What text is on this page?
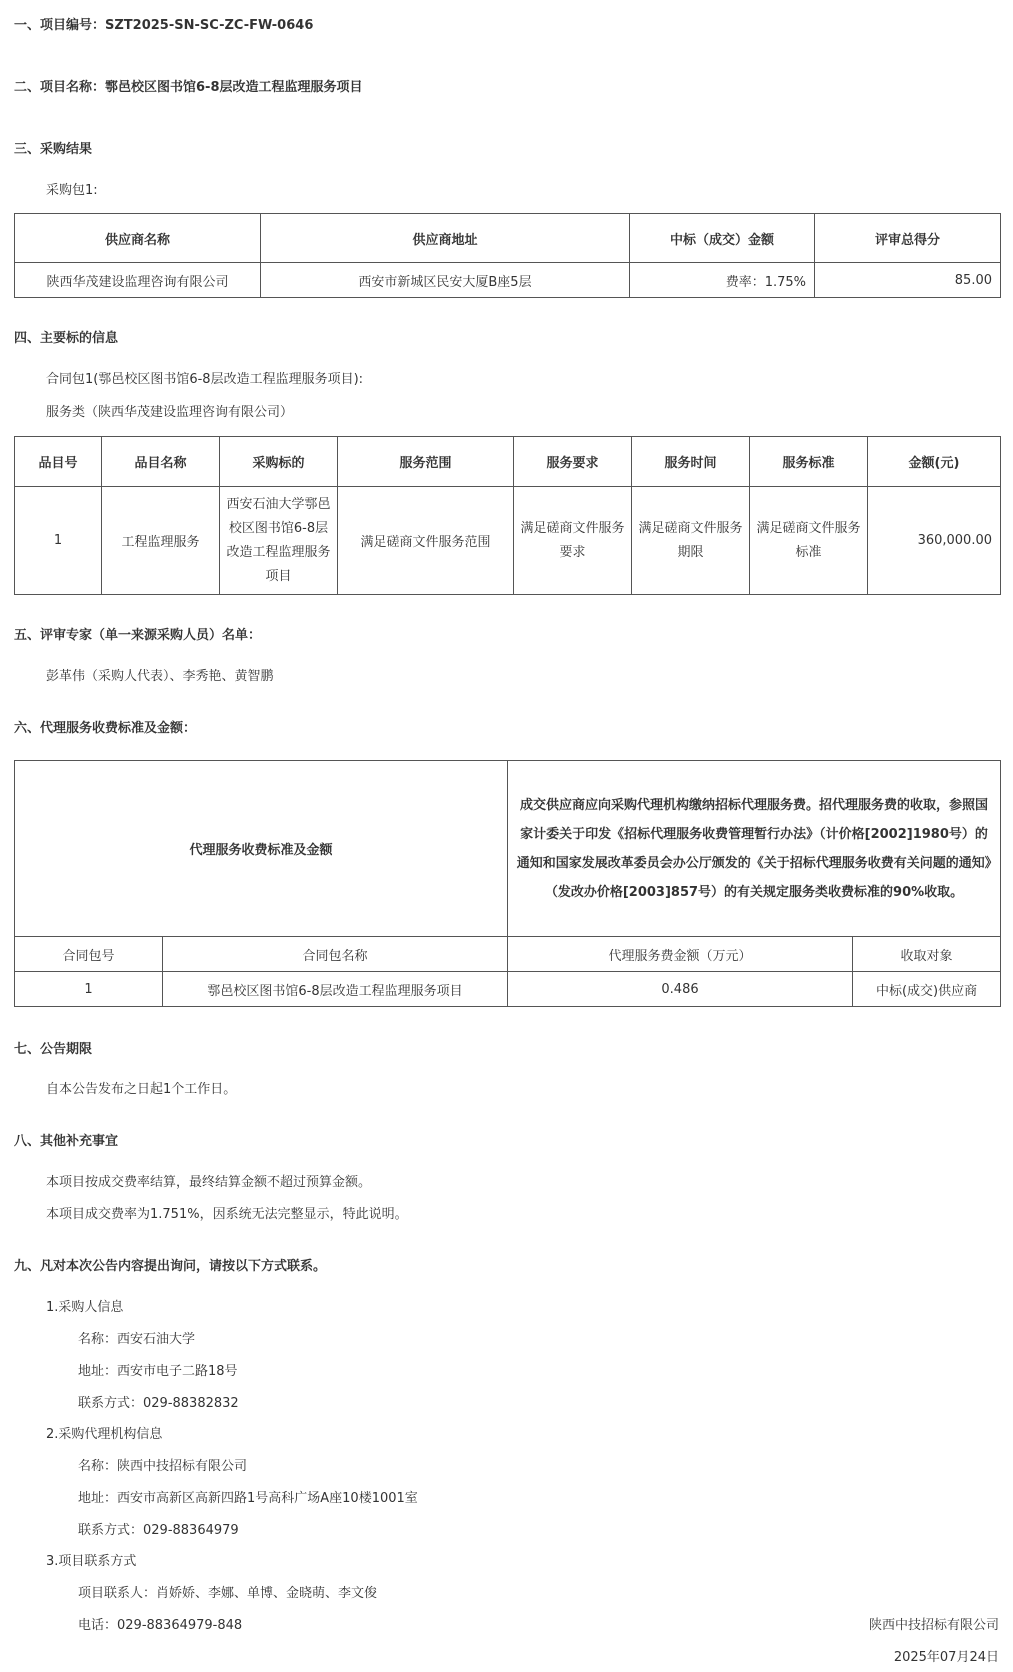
一、项目编号：SZT2025-SN-SC-ZC-FW-0646
二、项目名称：鄠邑校区图书馆6-8层改造工程监理服务项目
三、采购结果
采购包1:
供应商名称	供应商地址	中标（成交）金额	评审总得分
陕西华茂建设监理咨询有限公司	西安市新城区民安大厦B座5层	费率：1.75%	85.00
四、主要标的信息
合同包1(鄠邑校区图书馆6-8层改造工程监理服务项目):
服务类（陕西华茂建设监理咨询有限公司）
品目号	品目名称	采购标的	服务范围	服务要求	服务时间	服务标准	金额(元)
1	工程监理服务	西安石油大学鄠邑校区图书馆6-8层改造工程监理服务项目	满足磋商文件服务范围	满足磋商文件服务要求	满足磋商文件服务期限	满足磋商文件服务标准	360,000.00
五、评审专家（单一来源采购人员）名单：
彭革伟（采购人代表）、李秀艳、黄智鹏
六、代理服务收费标准及金额：
代理服务收费标准及金额		成交供应商应向采购代理机构缴纳招标代理服务费。招代理服务费的收取，参照国家计委关于印发《招标代理服务收费管理暂行办法》（计价格[2002]1980号）的通知和国家发展改革委员会办公厅颁发的《关于招标代理服务收费有关问题的通知》（发改办价格[2003]857号）的有关规定服务类收费标准的90%收取。	
合同包号	合同包名称	代理服务费金额（万元）	收取对象
1	鄠邑校区图书馆6-8层改造工程监理服务项目	0.486	中标(成交)供应商
七、公告期限
自本公告发布之日起1个工作日。
八、其他补充事宜
本项目按成交费率结算，最终结算金额不超过预算金额。
本项目成交费率为1.751%，因系统无法完整显示，特此说明。
九、凡对本次公告内容提出询问，请按以下方式联系。
1.采购人信息
名称：西安石油大学
地址：西安市电子二路18号
联系方式：029-88382832
2.采购代理机构信息
名称：陕西中技招标有限公司
地址：西安市高新区高新四路1号高科广场A座10楼1001室
联系方式：029-88364979
3.项目联系方式
项目联系人：肖娇娇、李娜、单博、金晓萌、李文俊
电话：029-88364979-848	陕西中技招标有限公司
2025年07月24日
